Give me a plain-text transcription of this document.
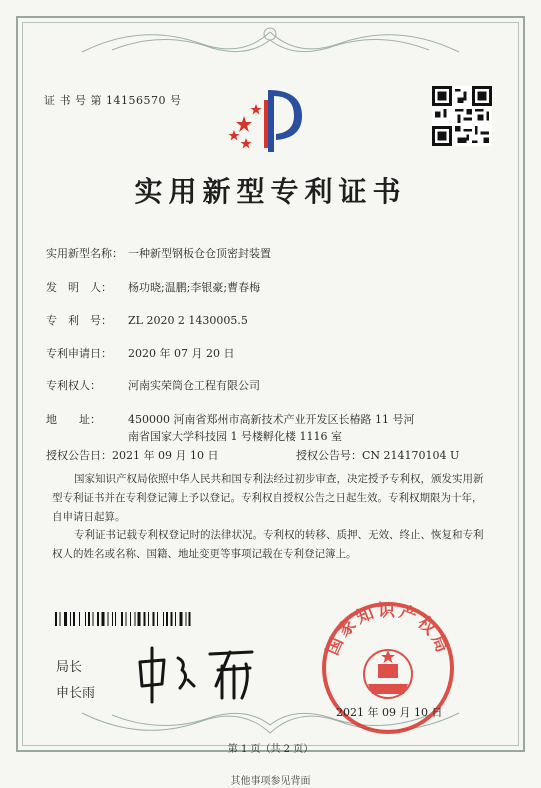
证 书 号 第 14156570 号
实用新型专利证书
实用新型名称： 一种新型钢板仓仓顶密封装置
发　明　人： 杨功晓;温鹏;李银豪;曹春梅
专　利　号： ZL 2020 2 1430005.5
专利申请日： 2020 年 07 月 20 日
专利权人： 河南实荣筒仓工程有限公司
地　　址： 450000 河南省郑州市高新技术产业开发区长椿路 11 号河
南省国家大学科技园 1 号楼孵化楼 1116 室
授权公告日：2021 年 09 月 10 日	授权公告号：CN 214170104 U
国家知识产权局依照中华人民共和国专利法经过初步审查，决定授予专利权，颁发实用新型专利证书并在专利登记簿上予以登记。专利权自授权公告之日起生效。专利权期限为十年，自申请日起算。
专利证书记载专利权登记时的法律状况。专利权的转移、质押、无效、终止、恢复和专利权人的姓名或名称、国籍、地址变更等事项记载在专利登记簿上。
局长
申长雨
国家知识产权局
2021 年 09 月 10 日
第 1 页（共 2 页）
其他事项参见背面
